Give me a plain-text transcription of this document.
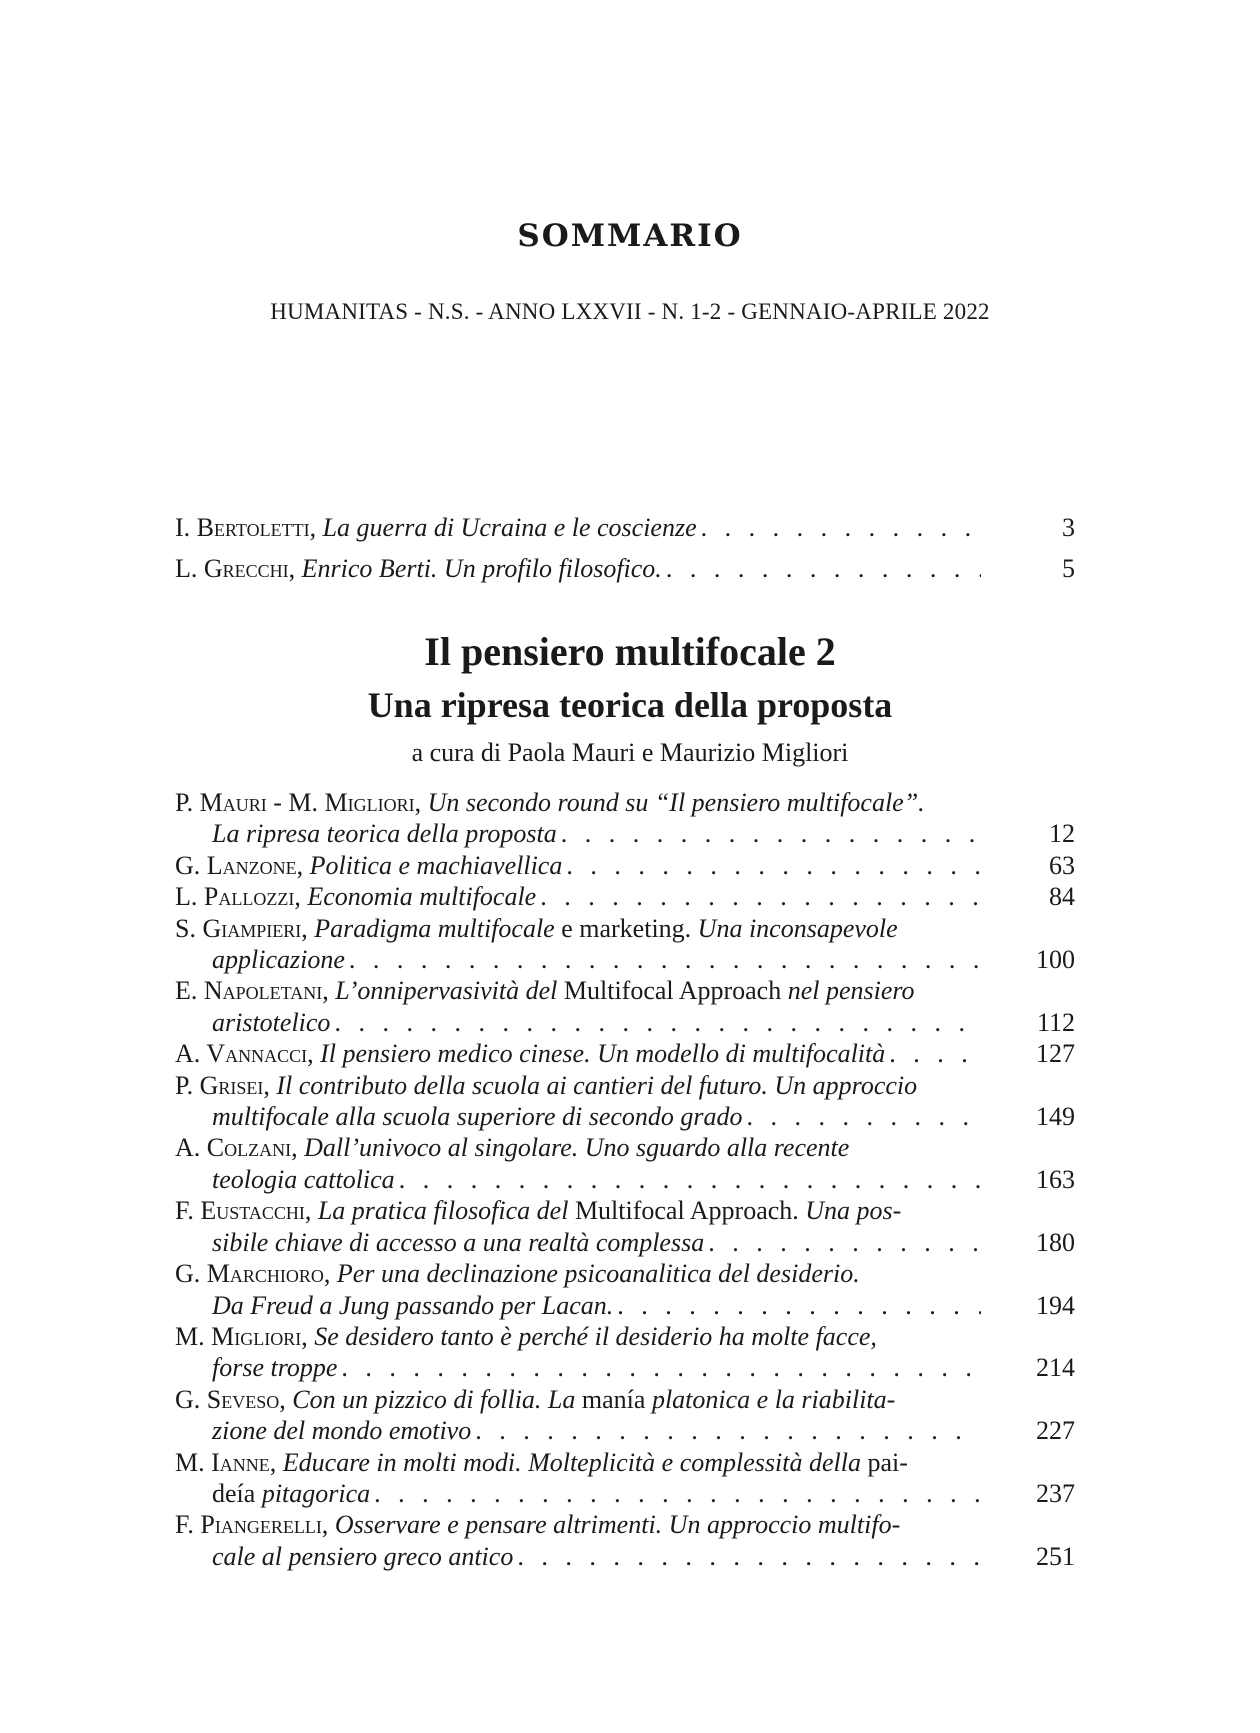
SOMMARIO
HUMANITAS - N.S. - ANNO LXXVII - N. 1-2 - GENNAIO-APRILE 2022
I. Bertoletti, La guerra di Ucraina e le coscienze . . .	3
L. Grecchi, Enrico Berti. Un profilo filosofico. . . .	5
Il pensiero multifocale 2
Una ripresa teorica della proposta
a cura di Paola Mauri e Maurizio Migliori
P. Mauri - M. Migliori, Un secondo round su “Il pensiero multifocale”.
La ripresa teorica della proposta . . .	12
G. Lanzone, Politica e machiavellica . . .	63
L. Pallozzi, Economia multifocale . . .	84
S. Giampieri, Paradigma multifocale e marketing. Una inconsapevole
applicazione . . .	100
E. Napoletani, L’onnipervasività del Multifocal Approach nel pensiero
aristotelico . . .	112
A. Vannacci, Il pensiero medico cinese. Un modello di multifocalità . . .	127
P. Grisei, Il contributo della scuola ai cantieri del futuro. Un approccio
multifocale alla scuola superiore di secondo grado . . .	149
A. Colzani, Dall’univoco al singolare. Uno sguardo alla recente
teologia cattolica . . .	163
F. Eustacchi, La pratica filosofica del Multifocal Approach. Una pos-
sibile chiave di accesso a una realtà complessa . . .	180
G. Marchioro, Per una declinazione psicoanalitica del desiderio.
Da Freud a Jung passando per Lacan. . . .	194
M. Migliori, Se desidero tanto è perché il desiderio ha molte facce,
forse troppe . . .	214
G. Seveso, Con un pizzico di follia. La manía platonica e la riabilita-
zione del mondo emotivo . . .	227
M. Ianne, Educare in molti modi. Molteplicità e complessità della pai-
deía pitagorica . . .	237
F. Piangerelli, Osservare e pensare altrimenti. Un approccio multifo-
cale al pensiero greco antico . . .	251
